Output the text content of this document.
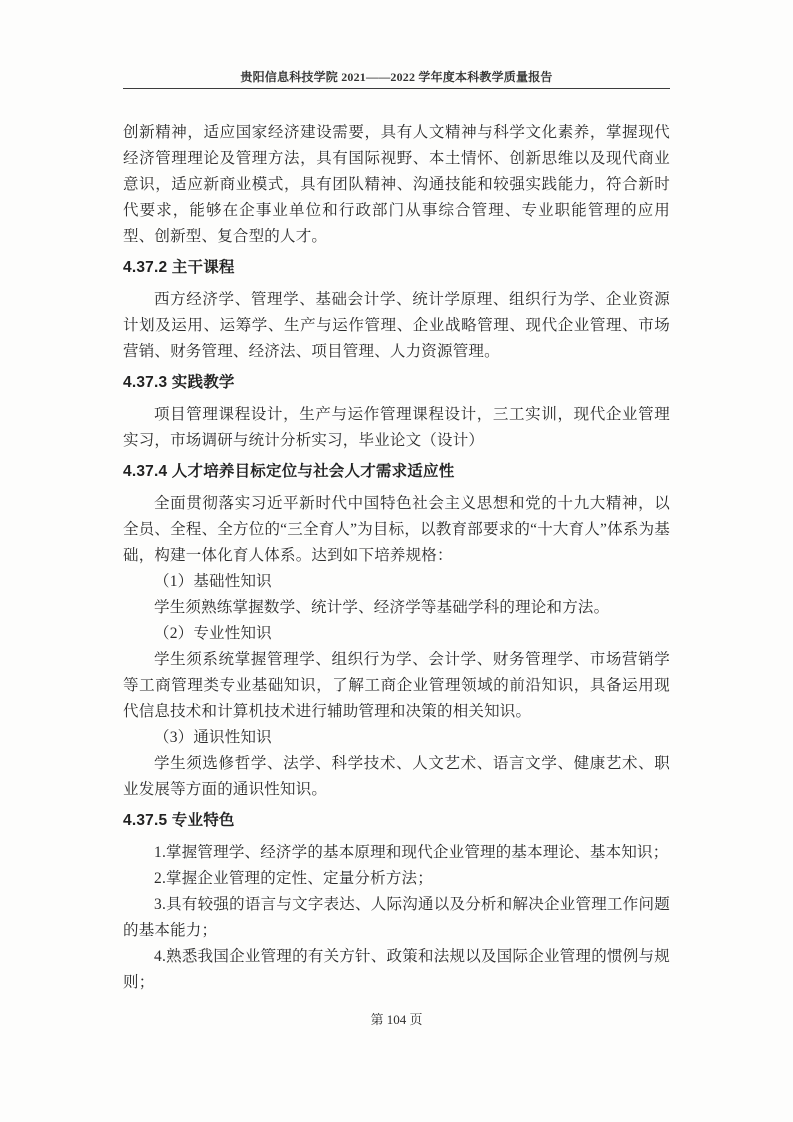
贵阳信息科技学院 2021——2022 学年度本科教学质量报告

创新精神，适应国家经济建设需要，具有人文精神与科学文化素养，掌握现代经济管理理论及管理方法，具有国际视野、本土情怀、创新思维以及现代商业意识，适应新商业模式，具有团队精神、沟通技能和较强实践能力，符合新时代要求，能够在企事业单位和行政部门从事综合管理、专业职能管理的应用型、创新型、复合型的人才。

4.37.2 主干课程

西方经济学、管理学、基础会计学、统计学原理、组织行为学、企业资源计划及运用、运筹学、生产与运作管理、企业战略管理、现代企业管理、市场营销、财务管理、经济法、项目管理、人力资源管理。

4.37.3 实践教学

项目管理课程设计，生产与运作管理课程设计，三工实训，现代企业管理实习，市场调研与统计分析实习，毕业论文（设计）

4.37.4 人才培养目标定位与社会人才需求适应性

全面贯彻落实习近平新时代中国特色社会主义思想和党的十九大精神，以全员、全程、全方位的“三全育人”为目标，以教育部要求的“十大育人”体系为基础，构建一体化育人体系。达到如下培养规格：

（1）基础性知识

学生须熟练掌握数学、统计学、经济学等基础学科的理论和方法。

（2）专业性知识

学生须系统掌握管理学、组织行为学、会计学、财务管理学、市场营销学等工商管理类专业基础知识，了解工商企业管理领域的前沿知识，具备运用现代信息技术和计算机技术进行辅助管理和决策的相关知识。

（3）通识性知识

学生须选修哲学、法学、科学技术、人文艺术、语言文学、健康艺术、职业发展等方面的通识性知识。

4.37.5 专业特色

1.掌握管理学、经济学的基本原理和现代企业管理的基本理论、基本知识；

2.掌握企业管理的定性、定量分析方法；

3.具有较强的语言与文字表达、人际沟通以及分析和解决企业管理工作问题的基本能力；

4.熟悉我国企业管理的有关方针、政策和法规以及国际企业管理的惯例与规则；

第 104 页
